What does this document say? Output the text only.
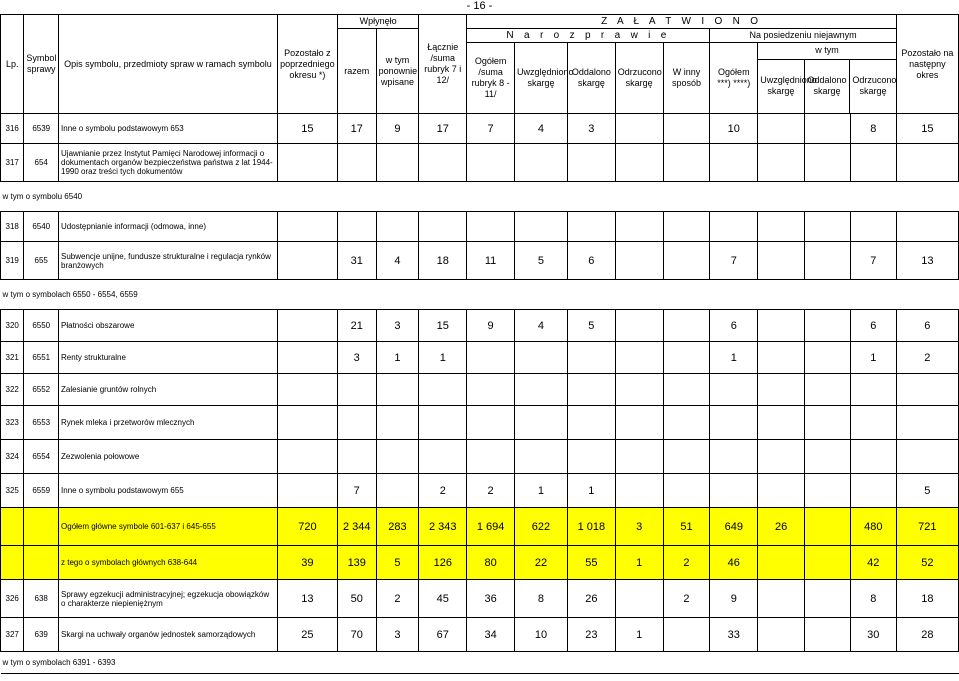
- 16 -
Lp.	Symbol sprawy	Opis symbolu, przedmioty spraw w ramach symbolu	Pozostało z poprzedniego okresu *)	Wpłynęło	Łącznie /suma rubryk 7 i 12/	Z A Ł A T W I O N O	Pozostało na następny okres
razem	w tym ponownie wpisane	N a r o z p r a w i e	Na posiedzeniu niejawnym
Ogółem /suma rubryk 8 - 11/	Uwzględniono skargę	Oddalono skargę	Odrzucono skargę	W inny sposób	Ogółem ***) ****)	
w tym
Uwzględniono skargę	Oddalono skargę	Odrzucono skargę

316	6539	Inne o symbolu podstawowym 653	15	17	9	17	7	4	3			10			8	15
317	654	Ujawnianie przez Instytut Pamięci Narodowej informacji o dokumentach organów bezpieczeństwa państwa z lat 1944-1990 oraz treści tych dokumentów														
w tym o symbolu 6540
318	6540	Udostępnianie informacji (odmowa, inne)														
319	655	Subwencje unijne, fundusze strukturalne i regulacja rynków branżowych		31	4	18	11	5	6			7			7	13
w tym o symbolach 6550 - 6554, 6559
320	6550	Płatności obszarowe		21	3	15	9	4	5			6			6	6
321	6551	Renty strukturalne		3	1	1						1			1	2
322	6552	Zalesianie gruntów rolnych														
323	6553	Rynek mleka i przetworów mlecznych														
324	6554	Zezwolenia połowowe														
325	6559	Inne o symbolu podstawowym 655		7		2	2	1	1							5
		Ogółem główne symbole 601-637 i 645-655	720	2 344	283	2 343	1 694	622	1 018	3	51	649	26		480	721
		z tego o symbolach głównych 638-644	39	139	5	126	80	22	55	1	2	46			42	52
326	638	Sprawy egzekucji administracyjnej; egzekucja obowiązków o charakterze niepieniężnym	13	50	2	45	36	8	26		2	9			8	18
327	639	Skargi na uchwały organów jednostek samorządowych	25	70	3	67	34	10	23	1		33			30	28
w tym o symbolach 6391 - 6393
